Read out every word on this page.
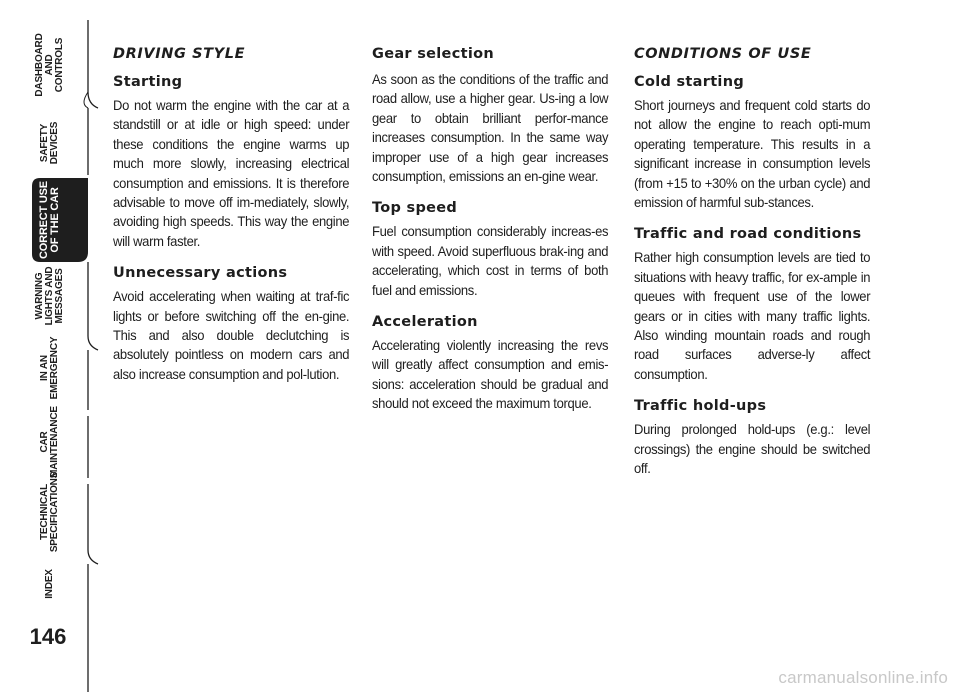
DASHBOARD
AND
CONTROLS
SAFETY
DEVICES
CORRECT USE
OF THE CAR
WARNING
LIGHTS AND
MESSAGES
IN AN
EMERGENCY
CAR
MAINTENANCE
TECHNICAL
SPECIFICATIONS
INDEX
146
DRIVING STYLE
Starting

Do not warm the engine with the car at a standstill or at idle or high speed: under these conditions the engine warms up much more slowly, increasing electrical consumption and emissions. It is therefore advisable to move off im-mediately, slowly, avoiding high speeds. This way the engine will warm faster.

Unnecessary actions

Avoid accelerating when waiting at traf-fic lights or before switching off the en-gine. This and also double declutching is absolutely pointless on modern cars and also increase consumption and pol-lution.

Gear selection

As soon as the conditions of the traffic and road allow, use a higher gear. Us-ing a low gear to obtain brilliant perfor-mance increases consumption. In the same way improper use of a high gear increases consumption, emissions an en-gine wear.

Top speed

Fuel consumption considerably increas-es with speed. Avoid superfluous brak-ing and accelerating, which cost in terms of both fuel and emissions.

Acceleration

Accelerating violently increasing the revs will greatly affect consumption and emis-sions: acceleration should be gradual and should not exceed the maximum torque.

CONDITIONS OF USE
Cold starting

Short journeys and frequent cold starts do not allow the engine to reach opti-mum operating temperature. This results in a significant increase in consumption levels (from +15 to +30% on the urban cycle) and emission of harmful sub-stances.

Traffic and road conditions

Rather high consumption levels are tied to situations with heavy traffic, for ex-ample in queues with frequent use of the lower gears or in cities with many traffic lights. Also winding mountain roads and rough road surfaces adverse-ly affect consumption.

Traffic hold-ups

During prolonged hold-ups (e.g.: level crossings) the engine should be switched off.

carmanualsonline.info
